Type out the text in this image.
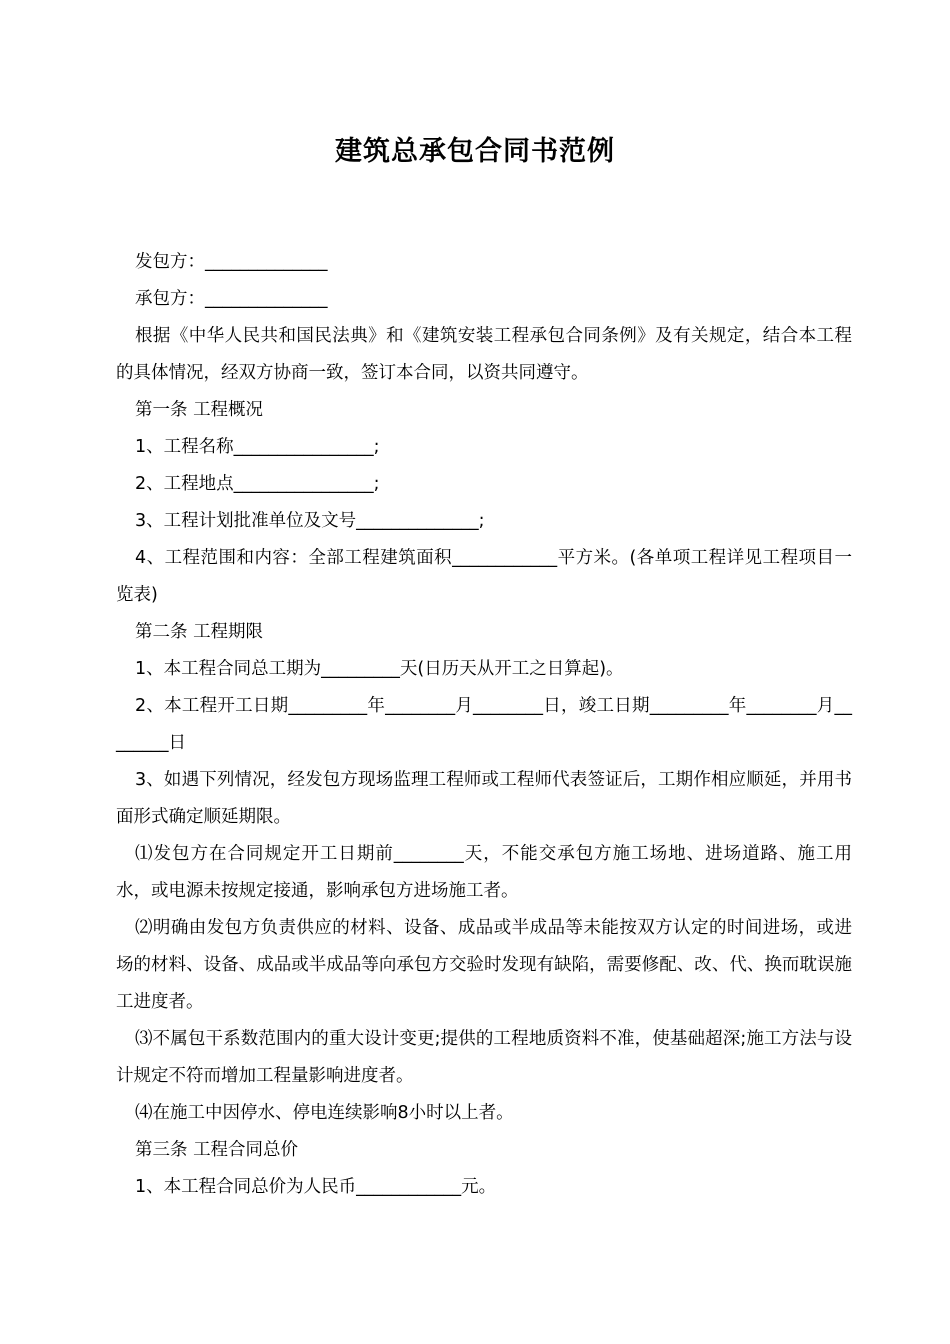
建筑总承包合同书范例

发包方：______________

承包方：______________

根据《中华人民共和国民法典》和《建筑安装工程承包合同条例》及有关规定，结合本工程的具体情况，经双方协商一致，签订本合同，以资共同遵守。

第一条 工程概况

1、工程名称________________;

2、工程地点________________;

3、工程计划批准单位及文号______________;

4、工程范围和内容：全部工程建筑面积____________平方米。(各单项工程详见工程项目一览表)

第二条 工程期限

1、本工程合同总工期为_________天(日历天从开工之日算起)。

2、本工程开工日期_________年________月________日，竣工日期_________年________月________日

3、如遇下列情况，经发包方现场监理工程师或工程师代表签证后，工期作相应顺延，并用书面形式确定顺延期限。

⑴发包方在合同规定开工日期前________天，不能交承包方施工场地、进场道路、施工用水，或电源未按规定接通，影响承包方进场施工者。

⑵明确由发包方负责供应的材料、设备、成品或半成品等未能按双方认定的时间进场，或进场的材料、设备、成品或半成品等向承包方交验时发现有缺陷，需要修配、改、代、换而耽误施工进度者。

⑶不属包干系数范围内的重大设计变更;提供的工程地质资料不准，使基础超深;施工方法与设计规定不符而增加工程量影响进度者。

⑷在施工中因停水、停电连续影响8小时以上者。

第三条 工程合同总价

1、本工程合同总价为人民币____________元。
